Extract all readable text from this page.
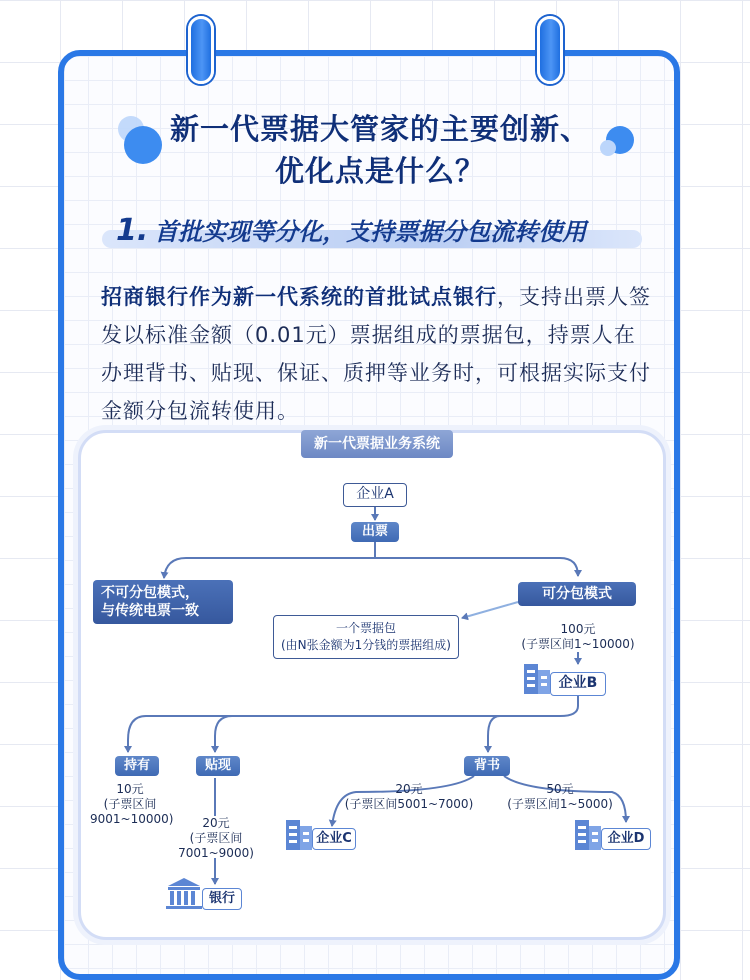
新一代票据大管家的主要创新、
优化点是什么？
1. 首批实现等分化，支持票据分包流转使用
招商银行作为新一代系统的首批试点银行，支持出票人签发以标准金额（0.01元）票据组成的票据包，持票人在办理背书、贴现、保证、质押等业务时，可根据实际支付金额分包流转使用。
新一代票据业务系统
企业A
出票
不可分包模式，
与传统电票一致
可分包模式
一个票据包
(由N张金额为1分钱的票据组成)
100元
(子票区间1~10000)
企业B
持有	贴现	背书
10元
(子票区间
9001~10000)	20元
(子票区间
7001~9000)
20元
(子票区间5001~7000)
50元
(子票区间1~5000)
企业C	企业D
银行
